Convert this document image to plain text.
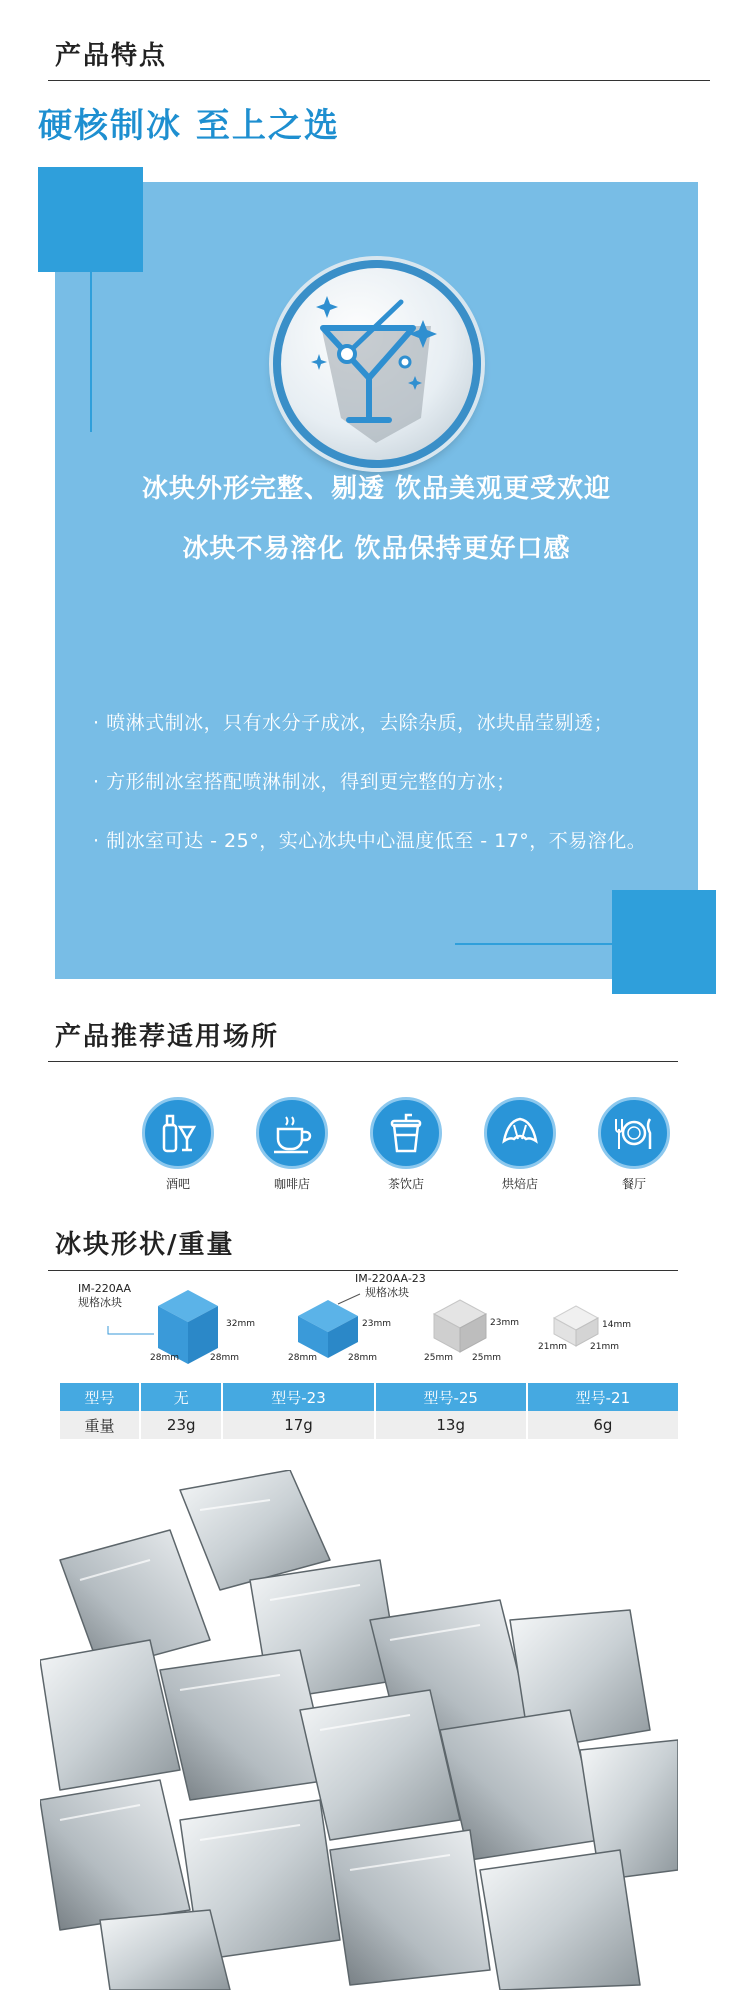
产品特点
硬核制冰 至上之选
冰块外形完整、剔透 饮品美观更受欢迎
冰块不易溶化 饮品保持更好口感
· 喷淋式制冰，只有水分子成冰，去除杂质，冰块晶莹剔透；
· 方形制冰室搭配喷淋制冰，得到更完整的方冰；
· 制冰室可达 - 25°，实心冰块中心温度低至 - 17°，不易溶化。
产品推荐适用场所
酒吧	咖啡店	茶饮店	烘焙店	餐厅
冰块形状/重量
IM-220AA
规格冰块
32mm
28mm	28mm
IM-220AA-23
规格冰块
23mm
28mm	28mm
23mm
25mm 25mm
14mm
21mm	21mm
型号	无	型号-23	型号-25	型号-21
重量	23g	17g	13g	6g
